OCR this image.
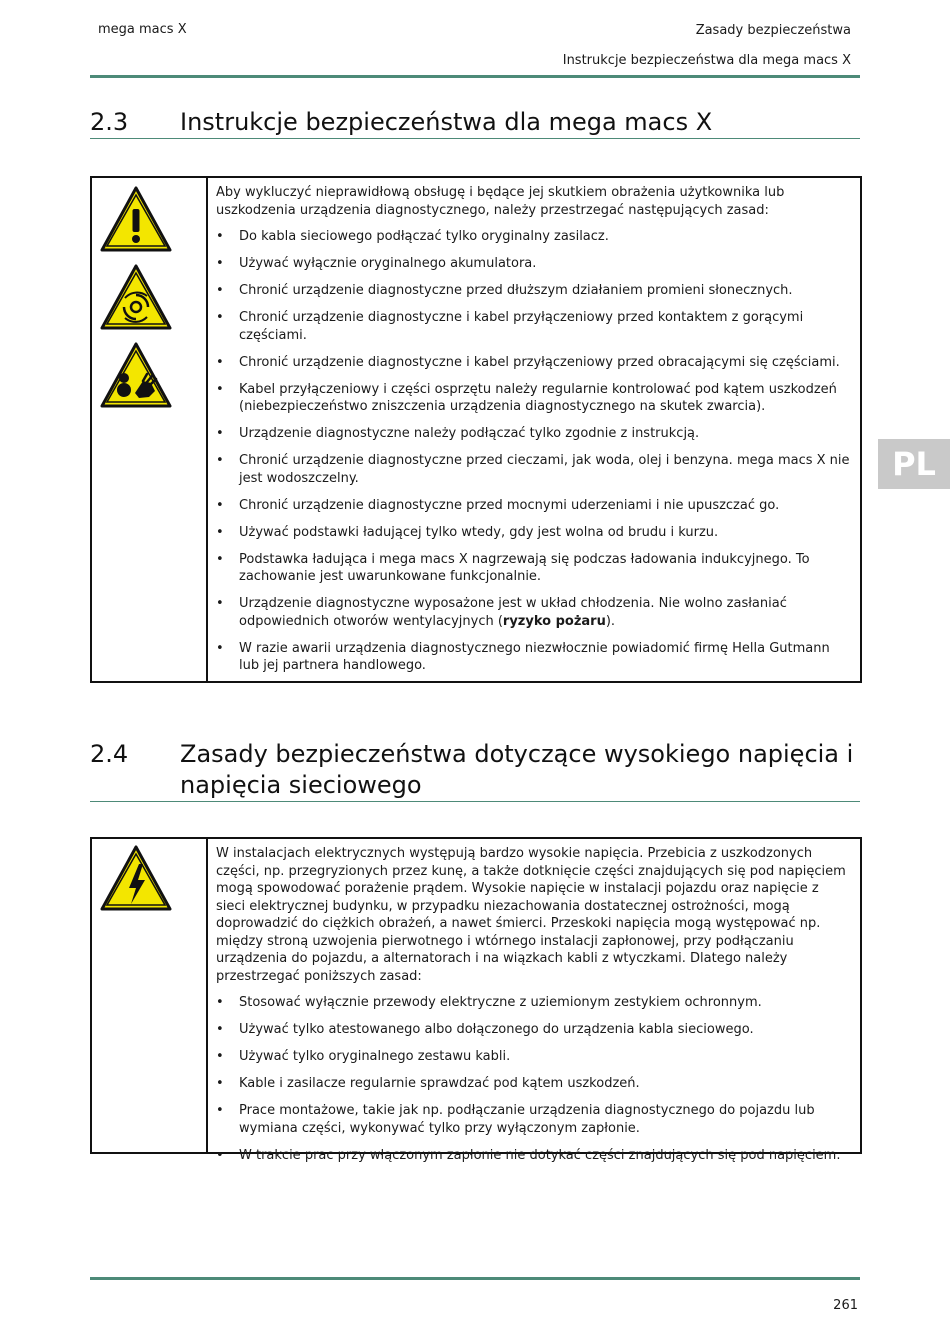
mega macs X	Zasady bezpieczeństwa
Instrukcje bezpieczeństwa dla mega macs X
PL
2.3 Instrukcje bezpieczeństwa dla mega macs X

Aby wykluczyć nieprawidłową obsługę i będące jej skutkiem obrażenia użytkownika lub uszkodzenia urządzenia diagnostycznego, należy przestrzegać następujących zasad:

• Do kabla sieciowego podłączać tylko oryginalny zasilacz.
• Używać wyłącznie oryginalnego akumulatora.
• Chronić urządzenie diagnostyczne przed dłuższym działaniem promieni słonecznych.
• Chronić urządzenie diagnostyczne i kabel przyłączeniowy przed kontaktem z gorącymi częściami.
• Chronić urządzenie diagnostyczne i kabel przyłączeniowy przed obracającymi się częściami.
• Kabel przyłączeniowy i części osprzętu należy regularnie kontrolować pod kątem uszkodzeń (niebezpieczeństwo zniszczenia urządzenia diagnostycznego na skutek zwarcia).
• Urządzenie diagnostyczne należy podłączać tylko zgodnie z instrukcją.
• Chronić urządzenie diagnostyczne przed cieczami, jak woda, olej i benzyna. mega macs X nie jest wodoszczelny.
• Chronić urządzenie diagnostyczne przed mocnymi uderzeniami i nie upuszczać go.
• Używać podstawki ładującej tylko wtedy, gdy jest wolna od brudu i kurzu.
• Podstawka ładująca i mega macs X nagrzewają się podczas ładowania indukcyjnego. To zachowanie jest uwarunkowane funkcjonalnie.
• Urządzenie diagnostyczne wyposażone jest w układ chłodzenia. Nie wolno zasłaniać odpowiednich otworów wentylacyjnych (ryzyko pożaru).
• W razie awarii urządzenia diagnostycznego niezwłocznie powiadomić firmę Hella Gutmann lub jej partnera handlowego.
2.4 Zasady bezpieczeństwa dotyczące wysokiego napięcia i napięcia sieciowego

W instalacjach elektrycznych występują bardzo wysokie napięcia. Przebicia z uszkodzonych części, np. przegryzionych przez kunę, a także dotknięcie części znajdujących się pod napięciem mogą spowodować porażenie prądem. Wysokie napięcie w instalacji pojazdu oraz napięcie z sieci elektrycznej budynku, w przypadku niezachowania dostatecznej ostrożności, mogą doprowadzić do ciężkich obrażeń, a nawet śmierci. Przeskoki napięcia mogą występować np. między stroną uzwojenia pierwotnego i wtórnego instalacji zapłonowej, przy podłączaniu urządzenia do pojazdu, a alternatorach i na wiązkach kabli z wtyczkami. Dlatego należy przestrzegać poniższych zasad:

• Stosować wyłącznie przewody elektryczne z uziemionym zestykiem ochronnym.
• Używać tylko atestowanego albo dołączonego do urządzenia kabla sieciowego.
• Używać tylko oryginalnego zestawu kabli.
• Kable i zasilacze regularnie sprawdzać pod kątem uszkodzeń.
• Prace montażowe, takie jak np. podłączanie urządzenia diagnostycznego do pojazdu lub wymiana części, wykonywać tylko przy wyłączonym zapłonie.
• W trakcie prac przy włączonym zapłonie nie dotykać części znajdujących się pod napięciem.
261
